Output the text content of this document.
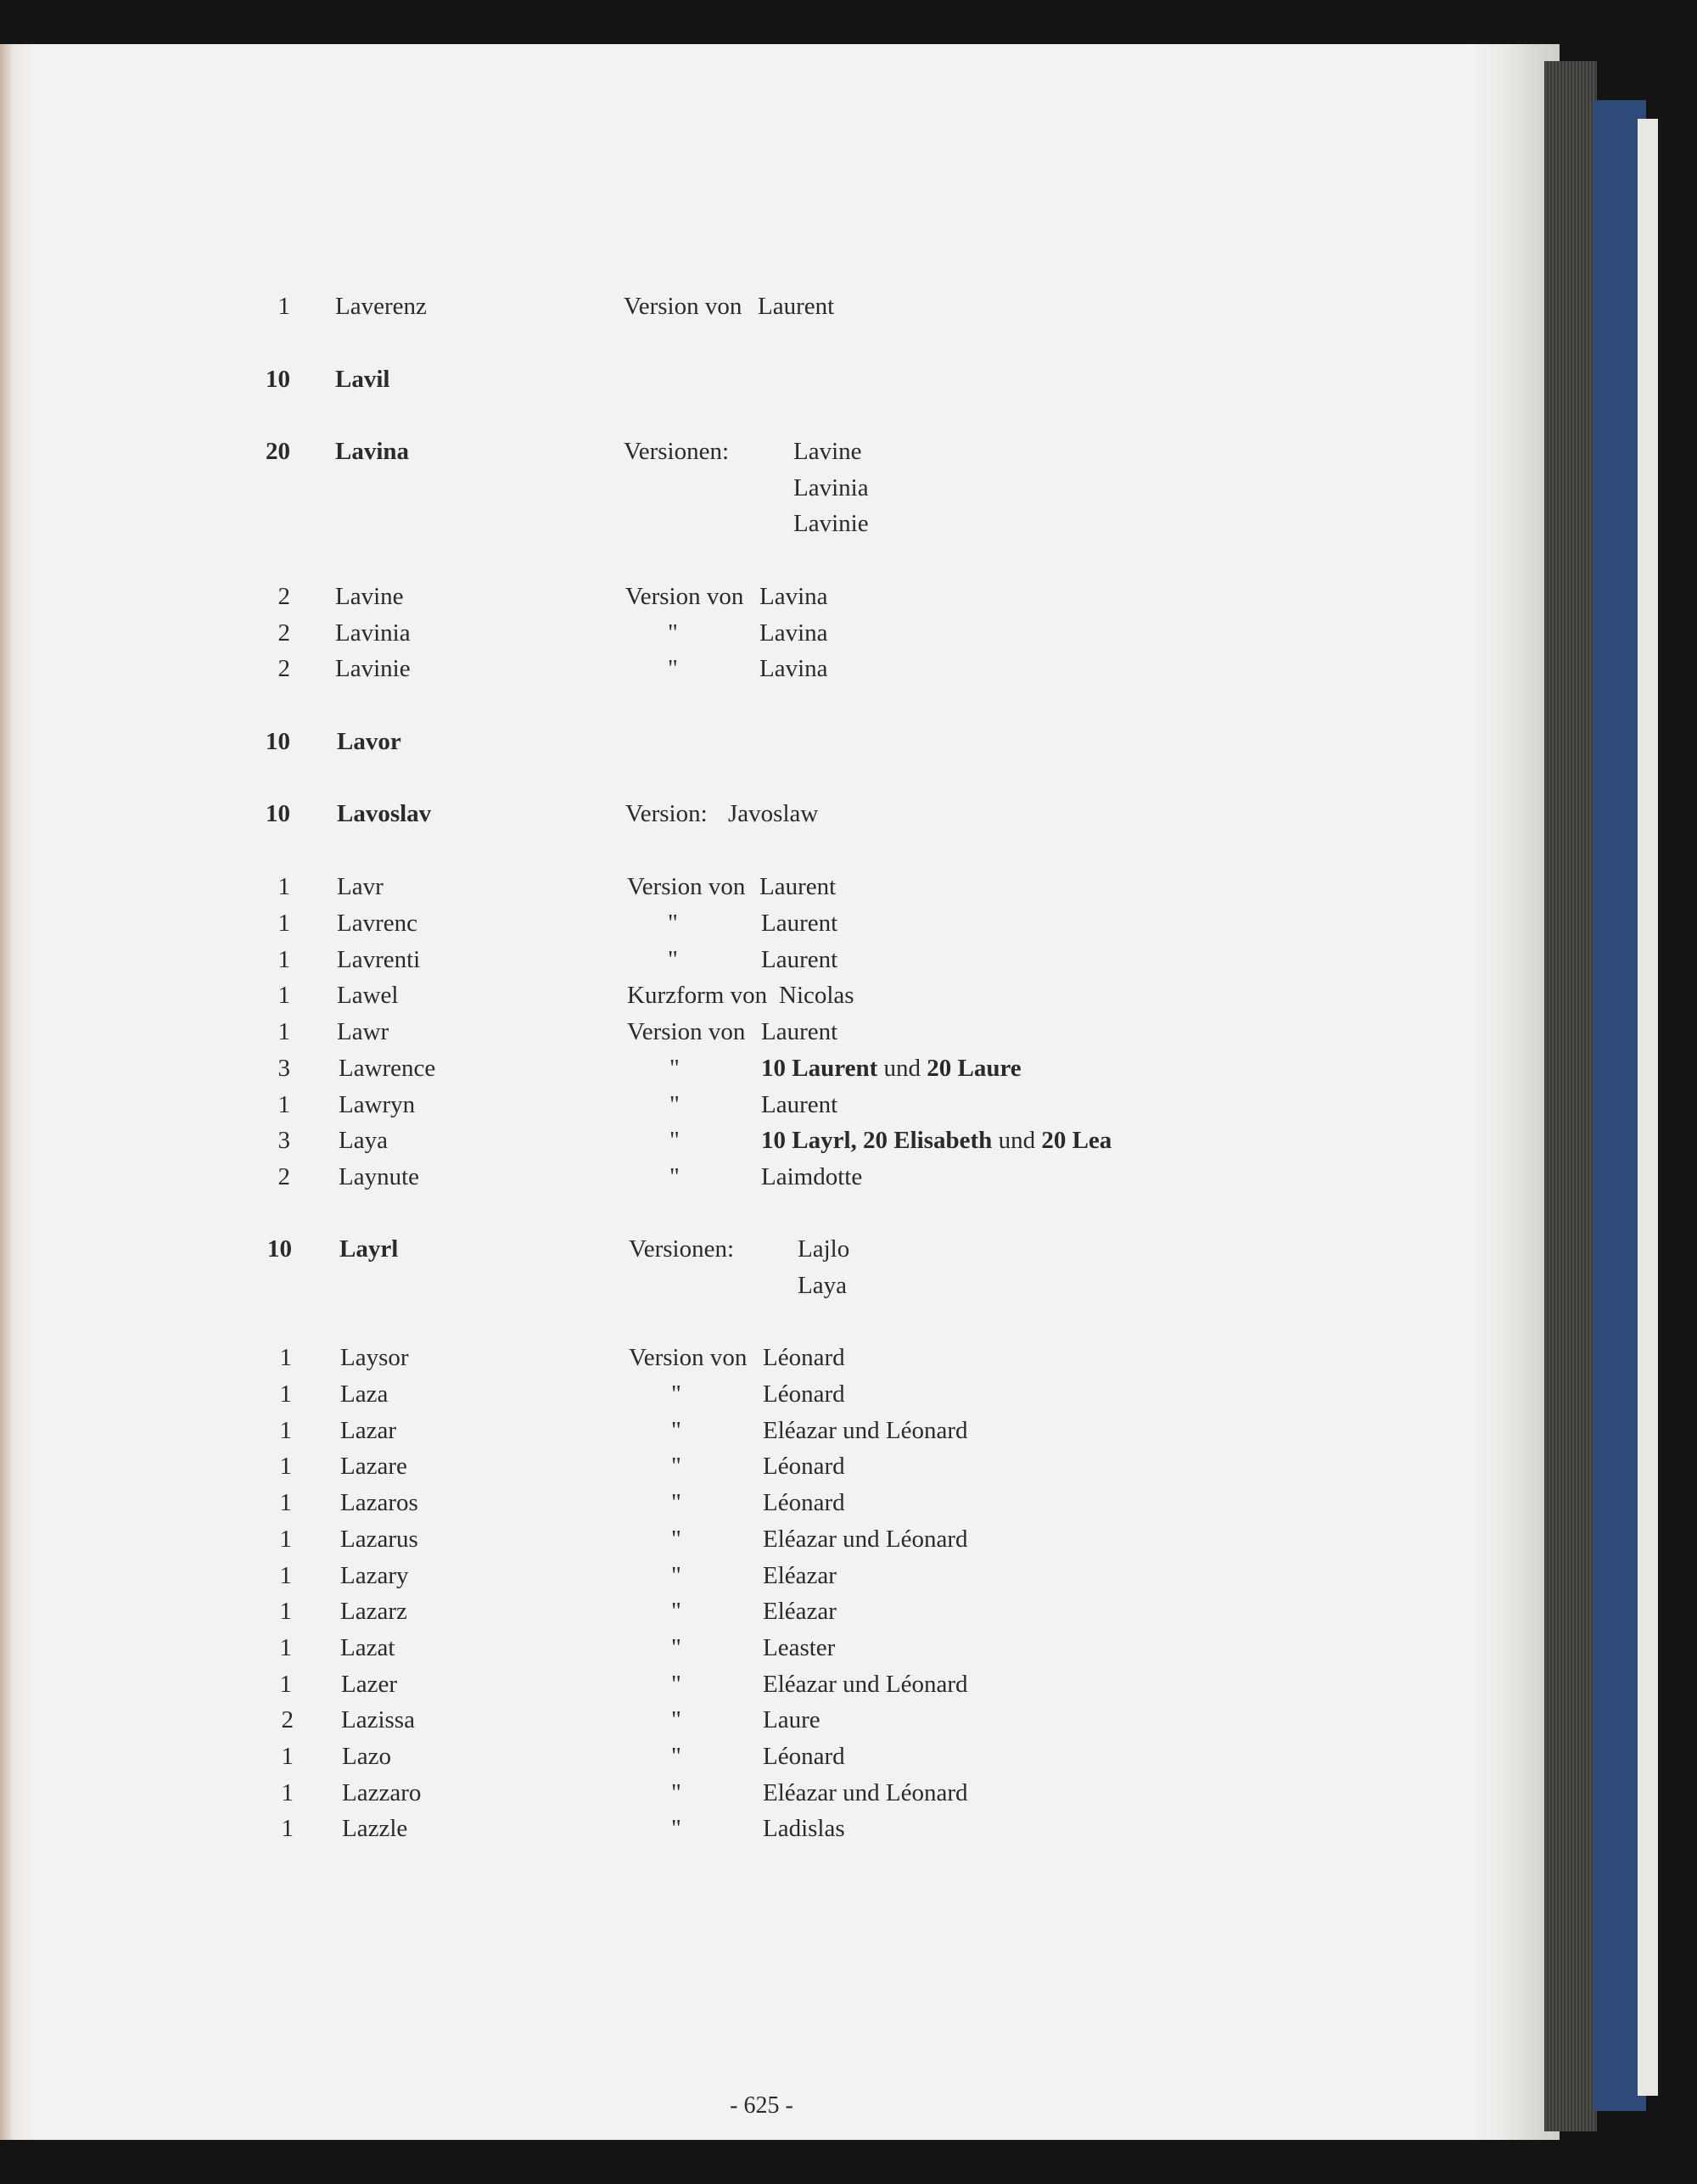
1 Laverenz	Version von Laurent
10 Lavil
20 Lavina	Versionen:	Lavine
Lavinia
Lavinie
2 Lavine	Version von Lavina
2 Lavinia	"	Lavina
2 Lavinie	"	Lavina
10 Lavor
10 Lavoslav	Version: Javoslaw
1 Lavr	Version von Laurent
1 Lavrenc	"	Laurent
1 Lavrenti	"	Laurent
1 Lawel	Kurzform von Nicolas
1 Lawr	Version von Laurent
3 Lawrence	"	10 Laurent und 20 Laure
1 Lawryn	"	Laurent
3 Laya	"	10 Layrl, 20 Elisabeth und 20 Lea
2 Laynute	"	Laimdotte
10 Layrl	Versionen:	Lajlo
Laya
1 Laysor	Version von Léonard
1 Laza	"	Léonard
1 Lazar	"	Eléazar und Léonard
1 Lazare	"	Léonard
1 Lazaros	"	Léonard
1 Lazarus	"	Eléazar und Léonard
1 Lazary	"	Eléazar
1 Lazarz	"	Eléazar
1 Lazat	"	Leaster
1 Lazer	"	Eléazar und Léonard
2 Lazissa	"	Laure
1 Lazo	"	Léonard
1 Lazzaro	"	Eléazar und Léonard
1 Lazzle	"	Ladislas
- 625 -
